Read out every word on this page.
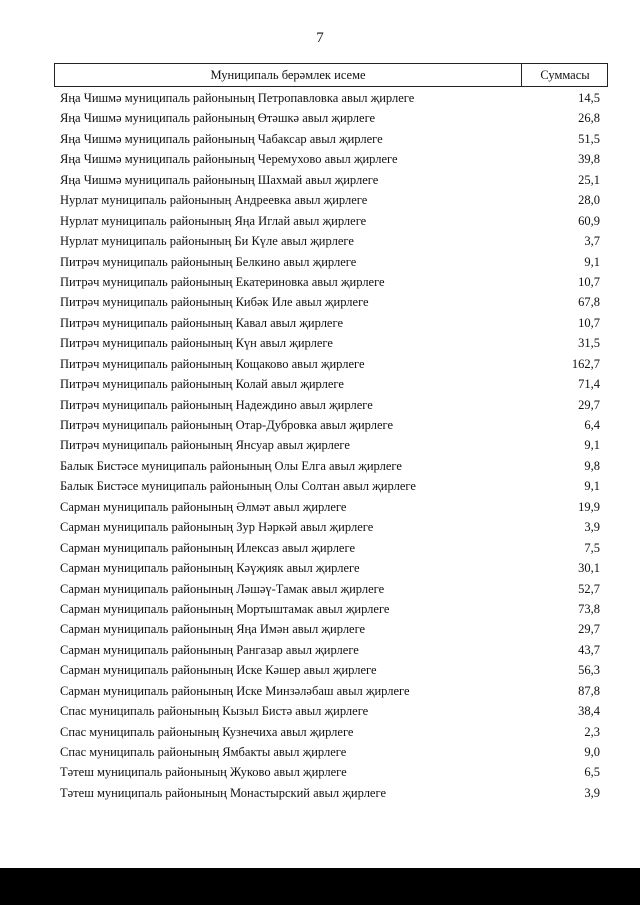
7
Муниципаль берәмлек исеме	Суммасы
Яңа Чишмә муниципаль районының Петропавловка авыл җирлеге	14,5
Яңа Чишмә муниципаль районының Өтәшкә авыл җирлеге	26,8
Яңа Чишмә муниципаль районының Чабаксар авыл җирлеге	51,5
Яңа Чишмә муниципаль районының Черемухово авыл җирлеге	39,8
Яңа Чишмә муниципаль районының Шахмай авыл җирлеге	25,1
Нурлат муниципаль районының Андреевка авыл җирлеге	28,0
Нурлат муниципаль районының Яңа Иглай авыл җирлеге	60,9
Нурлат муниципаль районының Би Күле авыл җирлеге	3,7
Питрәч муниципаль районының Белкино авыл җирлеге	9,1
Питрәч муниципаль районының Екатериновка авыл җирлеге	10,7
Питрәч муниципаль районының Кибәк Иле авыл җирлеге	67,8
Питрәч муниципаль районының Кавал авыл җирлеге	10,7
Питрәч муниципаль районының Күн авыл җирлеге	31,5
Питрәч муниципаль районының Кощаково авыл җирлеге	162,7
Питрәч муниципаль районының Колай авыл җирлеге	71,4
Питрәч муниципаль районының Надеждино авыл җирлеге	29,7
Питрәч муниципаль районының Отар-Дубровка авыл җирлеге	6,4
Питрәч муниципаль районының Янсуар авыл җирлеге	9,1
Балык Бистәсе муниципаль районының Олы Елга авыл җирлеге	9,8
Балык Бистәсе муниципаль районының Олы Солтан авыл җирлеге	9,1
Сарман муниципаль районының Әлмәт авыл җирлеге	19,9
Сарман муниципаль районының Зур Нәркәй авыл җирлеге	3,9
Сарман муниципаль районының Илексаз авыл җирлеге	7,5
Сарман муниципаль районының Кәүҗияк авыл җирлеге	30,1
Сарман муниципаль районының Ләшәү-Тамак авыл җирлеге	52,7
Сарман муниципаль районының Мортыштамак авыл җирлеге	73,8
Сарман муниципаль районының Яңа Имән авыл җирлеге	29,7
Сарман муниципаль районының Рангазар авыл җирлеге	43,7
Сарман муниципаль районының Иске Кәшер авыл җирлеге	56,3
Сарман муниципаль районының Иске Минзәләбаш авыл җирлеге	87,8
Спас муниципаль районының Кызыл Бистә авыл җирлеге	38,4
Спас муниципаль районының Кузнечиха авыл җирлеге	2,3
Спас муниципаль районының Ямбакты авыл җирлеге	9,0
Тәтеш муниципаль районының Жуково авыл җирлеге	6,5
Тәтеш муниципаль районының Монастырский авыл җирлеге	3,9
